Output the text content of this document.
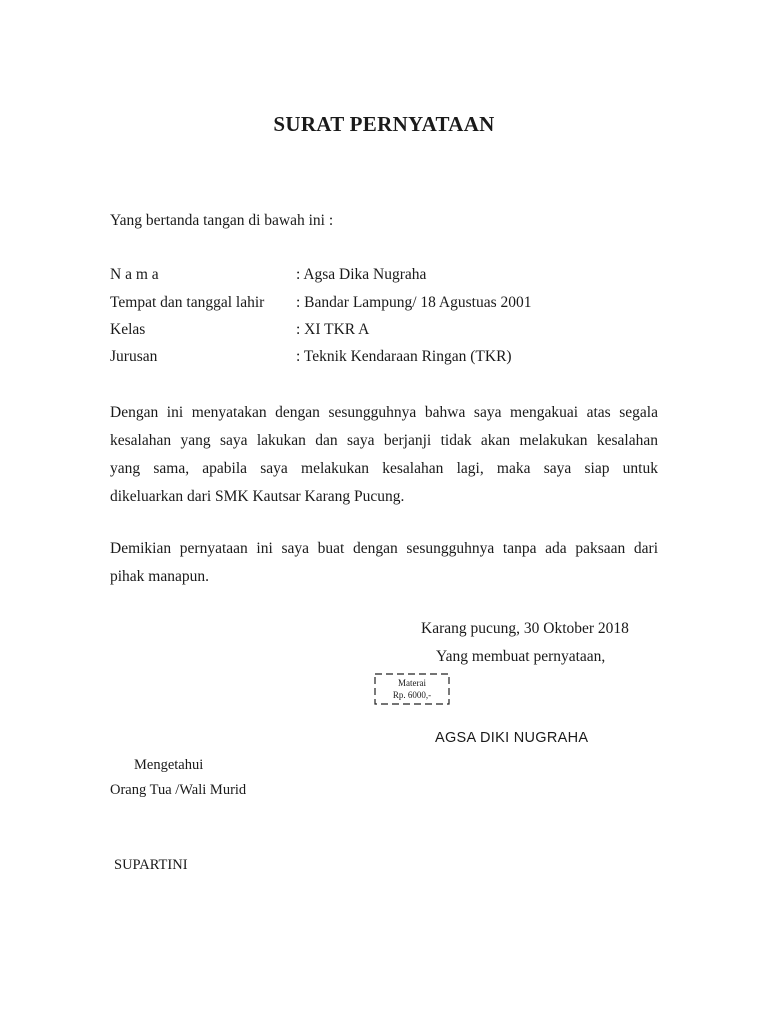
SURAT PERNYATAAN
Yang bertanda tangan di bawah ini :
N a m a	: Agsa Dika Nugraha
Tempat dan tanggal lahir : Bandar Lampung/ 18 Agustuas 2001
Kelas	: XI TKR A
Jurusan	: Teknik Kendaraan Ringan (TKR)
Dengan ini menyatakan dengan sesungguhnya bahwa saya mengakuai atas segala
kesalahan yang saya lakukan dan saya berjanji tidak akan melakukan kesalahan
yang sama, apabila saya melakukan kesalahan lagi, maka saya siap untuk
dikeluarkan dari SMK Kautsar Karang Pucung.
Demikian pernyataan ini saya buat dengan sesungguhnya tanpa ada paksaan dari
pihak manapun.
Karang pucung, 30 Oktober 2018
Yang membuat pernyataan,
Materai
Rp. 6000,-
AGSA DIKI NUGRAHA
Mengetahui
Orang Tua /Wali Murid
SUPARTINI
